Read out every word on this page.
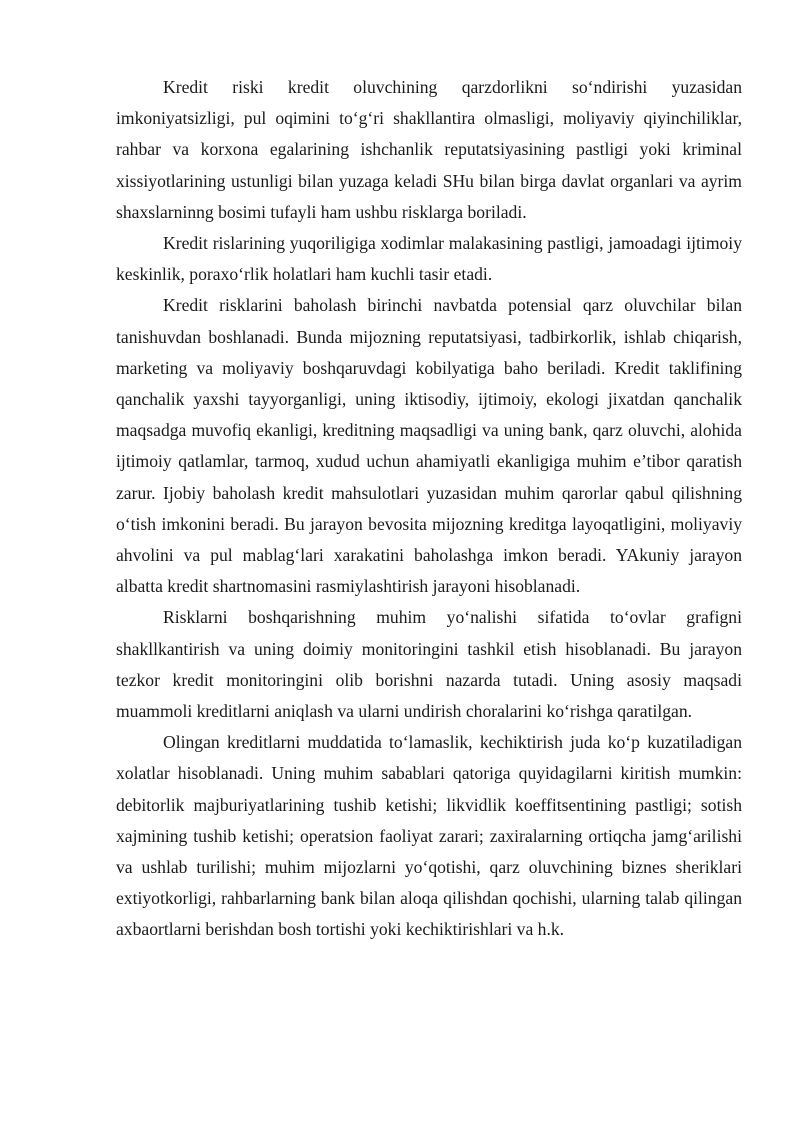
Kredit riski kredit oluvchining qarzdorlikni so‘ndirishi yuzasidan imkoniyatsizligi, pul oqimini to‘g‘ri shakllantira olmasligi, moliyaviy qiyinchiliklar, rahbar va korxona egalarining ishchanlik reputatsiyasining pastligi yoki kriminal xissiyotlarining ustunligi bilan yuzaga keladi SHu bilan birga davlat organlari va ayrim shaxslarninng bosimi tufayli ham ushbu risklarga boriladi.

Kredit rislarining yuqoriligiga xodimlar malakasining pastligi, jamoadagi ijtimoiy keskinlik, poraxo‘rlik holatlari ham kuchli tasir etadi.

Kredit risklarini baholash birinchi navbatda potensial qarz oluvchilar bilan tanishuvdan boshlanadi. Bunda mijozning reputatsiyasi, tadbirkorlik, ishlab chiqarish, marketing va moliyaviy boshqaruvdagi kobilyatiga baho beriladi. Kredit taklifining qanchalik yaxshi tayyorganligi, uning iktisodiy, ijtimoiy, ekologi jixatdan qanchalik maqsadga muvofiq ekanligi, kreditning maqsadligi va uning bank, qarz oluvchi, alohida ijtimoiy qatlamlar, tarmoq, xudud uchun ahamiyatli ekanligiga muhim e’tibor qaratish zarur. Ijobiy baholash kredit mahsulotlari yuzasidan muhim qarorlar qabul qilishning o‘tish imkonini beradi. Bu jarayon bevosita mijozning kreditga layoqatligini, moliyaviy ahvolini va pul mablag‘lari xarakatini baholashga imkon beradi. YAkuniy jarayon albatta kredit shartnomasini rasmiylashtirish jarayoni hisoblanadi.

Risklarni boshqarishning muhim yo‘nalishi sifatida to‘ovlar grafigni shakllkantirish va uning doimiy monitoringini tashkil etish hisoblanadi. Bu jarayon tezkor kredit monitoringini olib borishni nazarda tutadi. Uning asosiy maqsadi muammoli kreditlarni aniqlash va ularni undirish choralarini ko‘rishga qaratilgan.

Olingan kreditlarni muddatida to‘lamaslik, kechiktirish juda ko‘p kuzatiladigan xolatlar hisoblanadi. Uning muhim sabablari qatoriga quyidagilarni kiritish mumkin: debitorlik majburiyatlarining tushib ketishi; likvidlik koeffitsentining pastligi; sotish xajmining tushib ketishi; operatsion faoliyat zarari; zaxiralarning ortiqcha jamg‘arilishi va ushlab turilishi; muhim mijozlarni yo‘qotishi, qarz oluvchining biznes sheriklari extiyotkorligi, rahbarlarning bank bilan aloqa qilishdan qochishi, ularning talab qilingan axbaortlarni berishdan bosh tortishi yoki kechiktirishlari va h.k.
